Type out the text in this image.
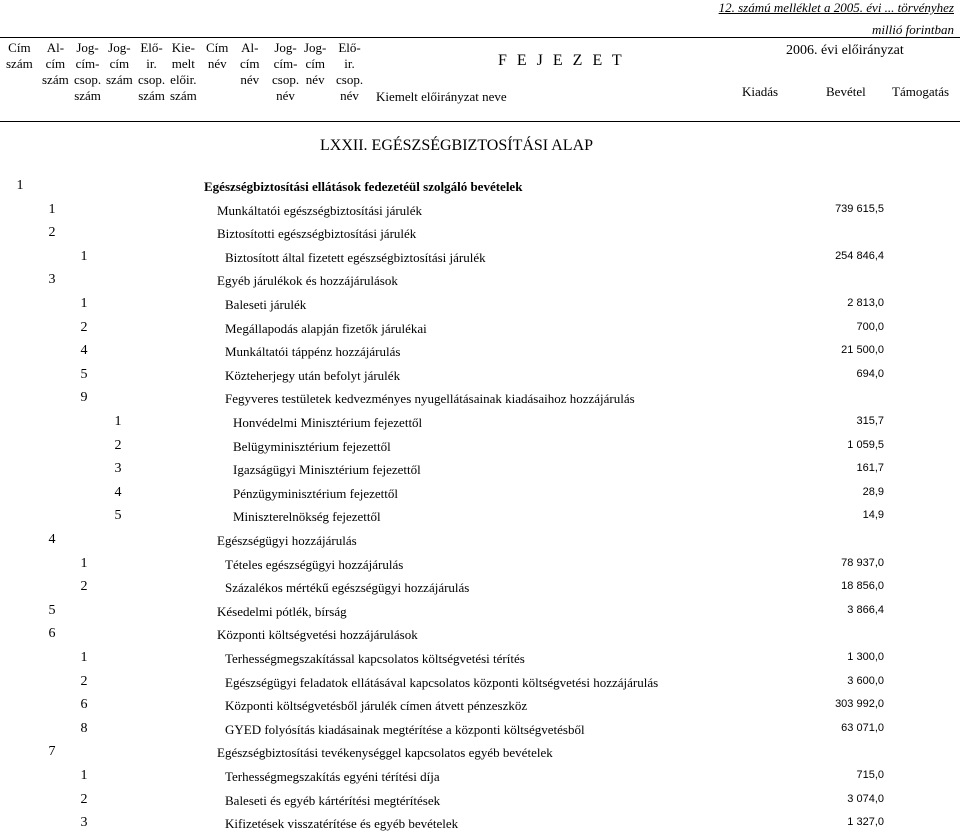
12. számú melléklet a 2005. évi ... törvényhez
millió forintban
Cím
szám

Al-
cím
szám

Jog-
cím-
csop.
szám
Jog-
cím
szám

Elő-
ir.
csop.
szám
Kie-
melt
előir.
szám
Cím
név

Al-
cím
név

Jog-
cím-
csop.
név
Jog-
cím
név

Elő-
ir.
csop.
név
F E J E Z E T
Kiemelt előirányzat neve
2006. évi előirányzat
Kiadás	Bevétel Támogatás
LXXII. EGÉSZSÉGBIZTOSÍTÁSI ALAP
1	Egészségbiztosítási ellátások fedezetéül szolgáló bevételek
1	Munkáltatói egészségbiztosítási járulék	739 615,5
2	Biztosítotti egészségbiztosítási járulék
1	Biztosított által fizetett egészségbiztosítási járulék	254 846,4
3	Egyéb járulékok és hozzájárulások
1	Baleseti járulék	2 813,0
2	Megállapodás alapján fizetők járulékai	700,0
4	Munkáltatói táppénz hozzájárulás	21 500,0
5	Közteherjegy után befolyt járulék	694,0
9	Fegyveres testületek kedvezményes nyugellátásainak kiadásaihoz hozzájárulás
1	Honvédelmi Minisztérium fejezettől	315,7
2	Belügyminisztérium fejezettől	1 059,5
3	Igazságügyi Minisztérium fejezettől	161,7
4	Pénzügyminisztérium fejezettől	28,9
5	Miniszterelnökség fejezettől	14,9
4	Egészségügyi hozzájárulás
1	Tételes egészségügyi hozzájárulás	78 937,0
2	Százalékos mértékű egészségügyi hozzájárulás	18 856,0
5	Késedelmi pótlék, bírság	3 866,4
6	Központi költségvetési hozzájárulások
1	Terhességmegszakítással kapcsolatos költségvetési térítés	1 300,0
2	Egészségügyi feladatok ellátásával kapcsolatos központi költségvetési hozzájárulás	3 600,0
6	Központi költségvetésből járulék címen átvett pénzeszköz	303 992,0
8	GYED folyósítás kiadásainak megtérítése a központi költségvetésből	63 071,0
7	Egészségbiztosítási tevékenységgel kapcsolatos egyéb bevételek
1	Terhességmegszakítás egyéni térítési díja	715,0
2	Baleseti és egyéb kártérítési megtérítések	3 074,0
3	Kifizetések visszatérítése és egyéb bevételek	1 327,0
